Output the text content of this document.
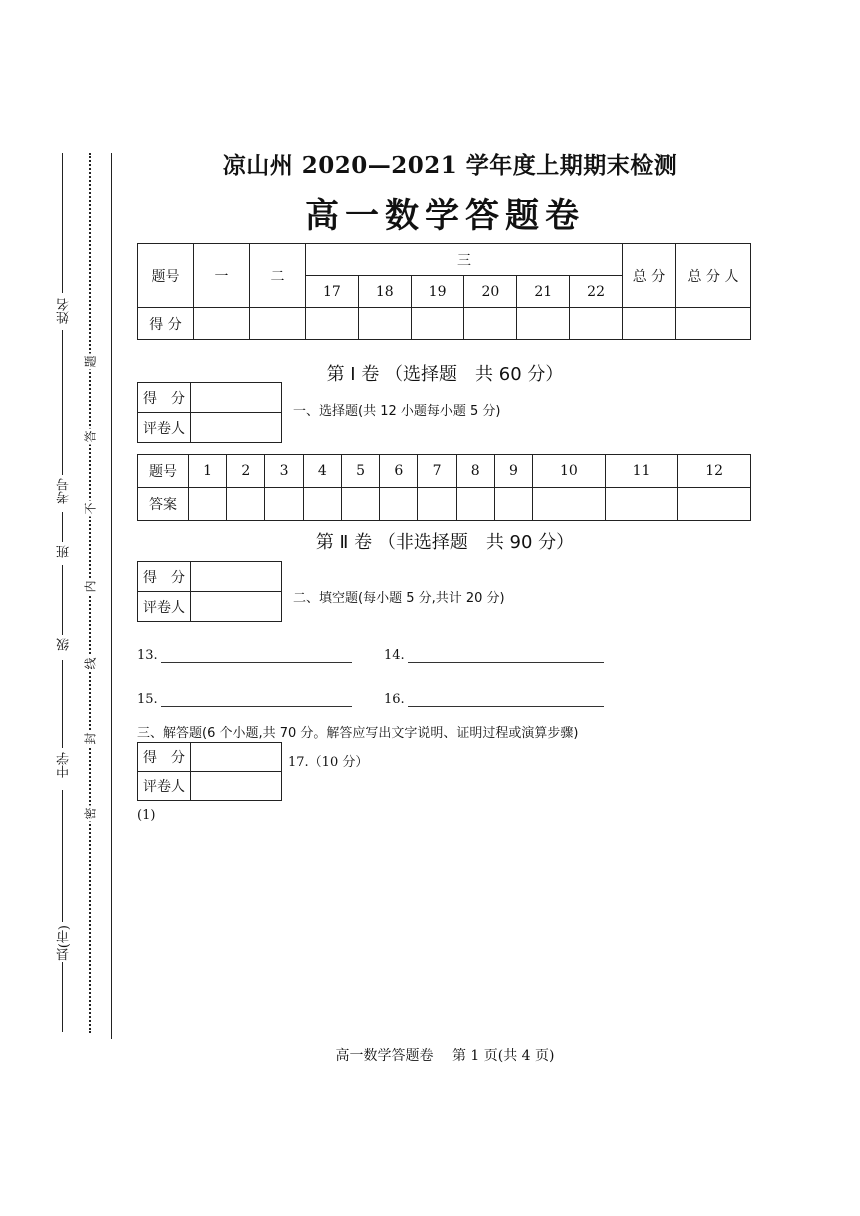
姓名
考号
班
级
中学
县(市)
题
答
不
内
线
封
密
凉山州 2020—2021 学年度上期期末检测
高一数学答题卷
题号	一	二	三						总 分	总 分 人
			17	18	19	20	21	22		
得 分										
第 Ⅰ 卷 （选择题　共 60 分）
得　分	
评卷人	
一、选择题(共 12 小题每小题 5 分)
题号	1	2	3	4	5	6	7	8	9	10	11	12
答案												
第 Ⅱ 卷 （非选择题　共 90 分）
得　分	
评卷人	
二、填空题(每小题 5 分,共计 20 分)
13.	14.
15.	16.
三、解答题(6 个小题,共 70 分。解答应写出文字说明、证明过程或演算步骤)
得　分	
评卷人	
17.（10 分）
(1)
高一数学答题卷　 第 1 页(共 4 页)
